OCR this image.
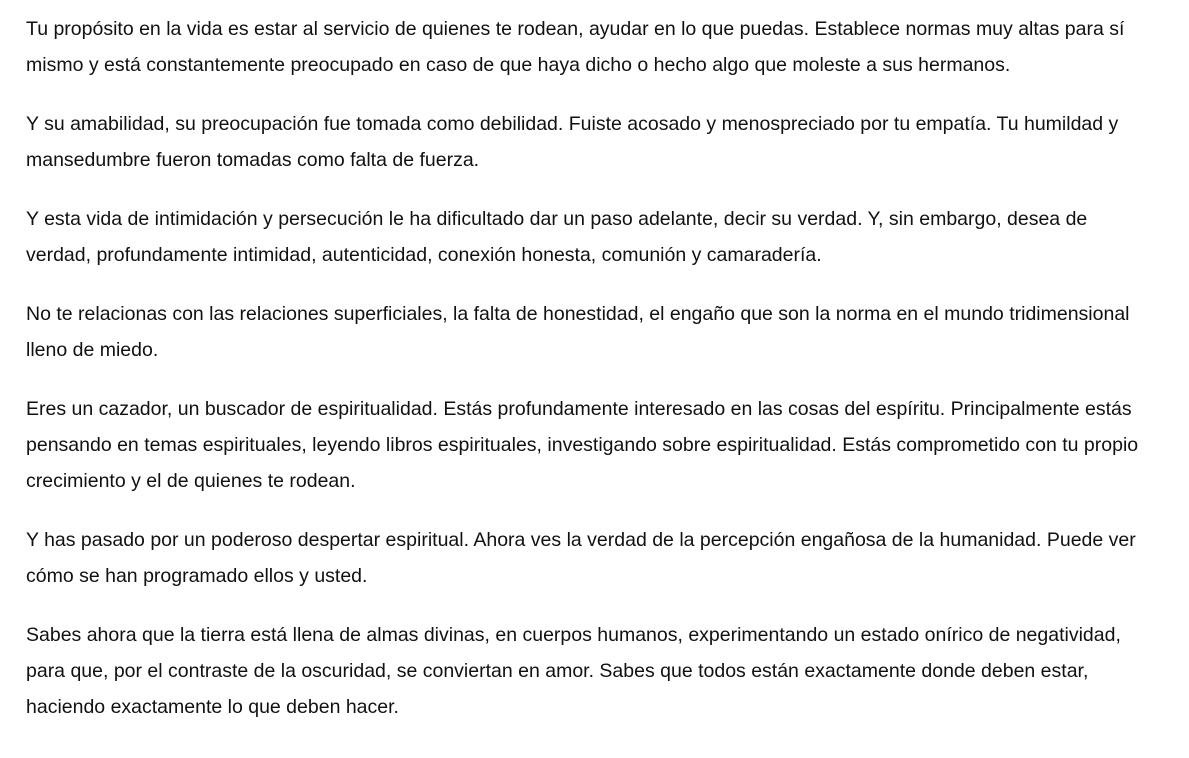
Tu propósito en la vida es estar al servicio de quienes te rodean, ayudar en lo que puedas. Establece normas muy altas para sí mismo y está constantemente preocupado en caso de que haya dicho o hecho algo que moleste a sus hermanos.

Y su amabilidad, su preocupación fue tomada como debilidad. Fuiste acosado y menospreciado por tu empatía. Tu humildad y mansedumbre fueron tomadas como falta de fuerza.

Y esta vida de intimidación y persecución le ha dificultado dar un paso adelante, decir su verdad. Y, sin embargo, desea de verdad, profundamente intimidad, autenticidad, conexión honesta, comunión y camaradería.

No te relacionas con las relaciones superficiales, la falta de honestidad, el engaño que son la norma en el mundo tridimensional lleno de miedo.

Eres un cazador, un buscador de espiritualidad. Estás profundamente interesado en las cosas del espíritu. Principalmente estás pensando en temas espirituales, leyendo libros espirituales, investigando sobre espiritualidad. Estás comprometido con tu propio crecimiento y el de quienes te rodean.

Y has pasado por un poderoso despertar espiritual. Ahora ves la verdad de la percepción engañosa de la humanidad. Puede ver cómo se han programado ellos y usted.

Sabes ahora que la tierra está llena de almas divinas, en cuerpos humanos, experimentando un estado onírico de negatividad, para que, por el contraste de la oscuridad, se conviertan en amor. Sabes que todos están exactamente donde deben estar, haciendo exactamente lo que deben hacer.
